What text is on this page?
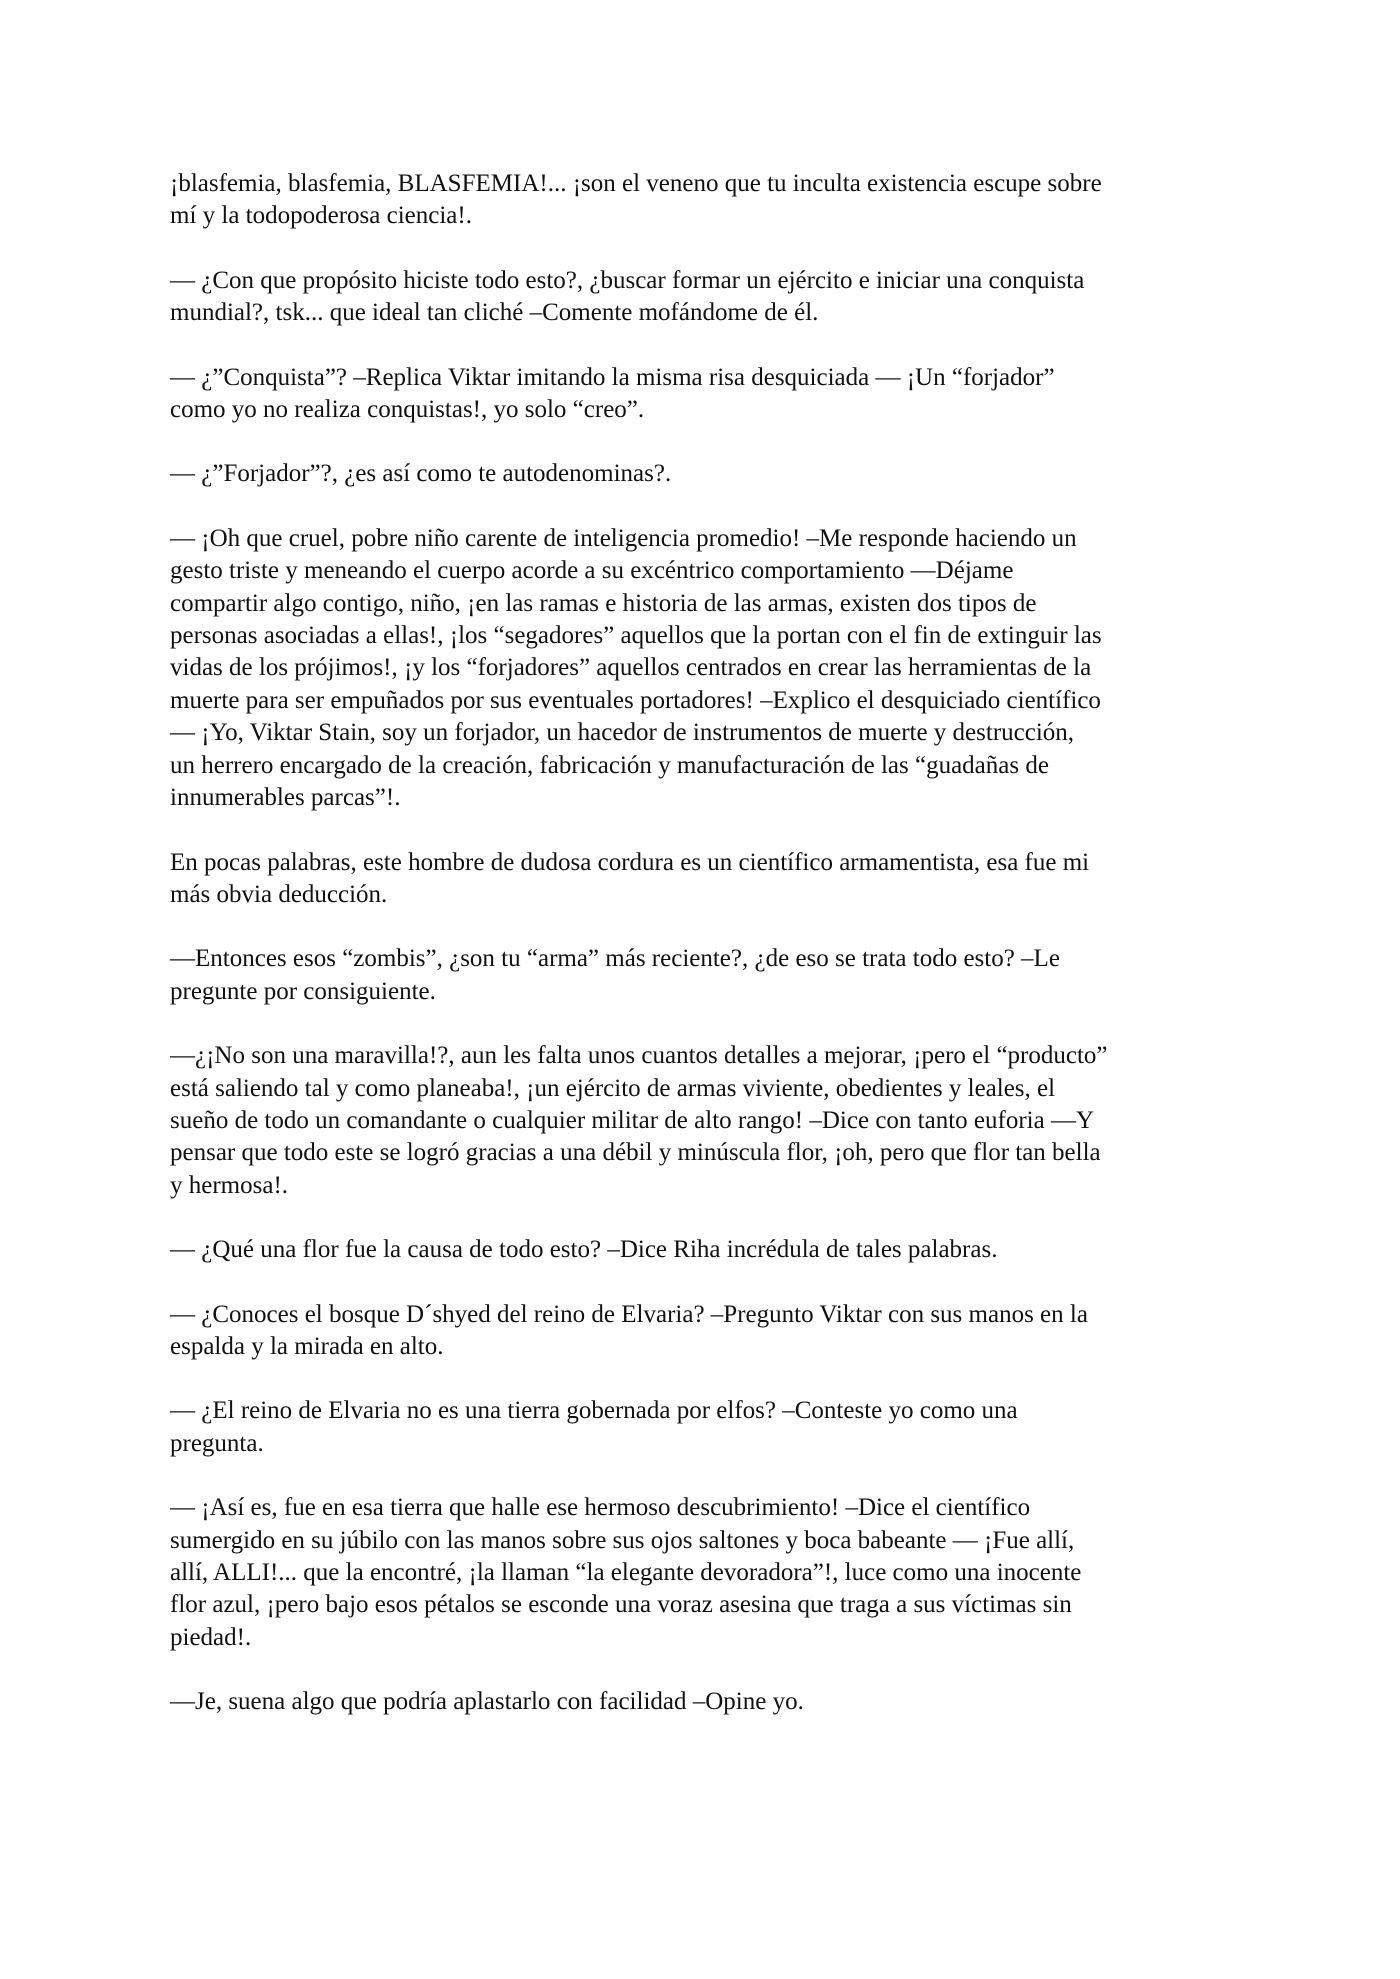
¡blasfemia, blasfemia, BLASFEMIA!... ¡son el veneno que tu inculta existencia escupe sobre
mí y la todopoderosa ciencia!.

— ¿Con que propósito hiciste todo esto?, ¿buscar formar un ejército e iniciar una conquista
mundial?, tsk... que ideal tan cliché –Comente mofándome de él.

— ¿”Conquista”? –Replica Viktar imitando la misma risa desquiciada — ¡Un “forjador”
como yo no realiza conquistas!, yo solo “creo”.

— ¿”Forjador”?, ¿es así como te autodenominas?.

— ¡Oh que cruel, pobre niño carente de inteligencia promedio! –Me responde haciendo un
gesto triste y meneando el cuerpo acorde a su excéntrico comportamiento —Déjame
compartir algo contigo, niño, ¡en las ramas e historia de las armas, existen dos tipos de
personas asociadas a ellas!, ¡los “segadores” aquellos que la portan con el fin de extinguir las
vidas de los prójimos!, ¡y los “forjadores” aquellos centrados en crear las herramientas de la
muerte para ser empuñados por sus eventuales portadores! –Explico el desquiciado científico
— ¡Yo, Viktar Stain, soy un forjador, un hacedor de instrumentos de muerte y destrucción,
un herrero encargado de la creación, fabricación y manufacturación de las “guadañas de
innumerables parcas”!.

En pocas palabras, este hombre de dudosa cordura es un científico armamentista, esa fue mi
más obvia deducción.

—Entonces esos “zombis”, ¿son tu “arma” más reciente?, ¿de eso se trata todo esto? –Le
pregunte por consiguiente.

—¿¡No son una maravilla!?, aun les falta unos cuantos detalles a mejorar, ¡pero el “producto”
está saliendo tal y como planeaba!, ¡un ejército de armas viviente, obedientes y leales, el
sueño de todo un comandante o cualquier militar de alto rango! –Dice con tanto euforia —Y
pensar que todo este se logró gracias a una débil y minúscula flor, ¡oh, pero que flor tan bella
y hermosa!.

— ¿Qué una flor fue la causa de todo esto? –Dice Riha incrédula de tales palabras.

— ¿Conoces el bosque D´shyed del reino de Elvaria? –Pregunto Viktar con sus manos en la
espalda y la mirada en alto.

— ¿El reino de Elvaria no es una tierra gobernada por elfos? –Conteste yo como una
pregunta.

— ¡Así es, fue en esa tierra que halle ese hermoso descubrimiento! –Dice el científico
sumergido en su júbilo con las manos sobre sus ojos saltones y boca babeante — ¡Fue allí,
allí, ALLI!... que la encontré, ¡la llaman “la elegante devoradora”!, luce como una inocente
flor azul, ¡pero bajo esos pétalos se esconde una voraz asesina que traga a sus víctimas sin
piedad!.

—Je, suena algo que podría aplastarlo con facilidad –Opine yo.
